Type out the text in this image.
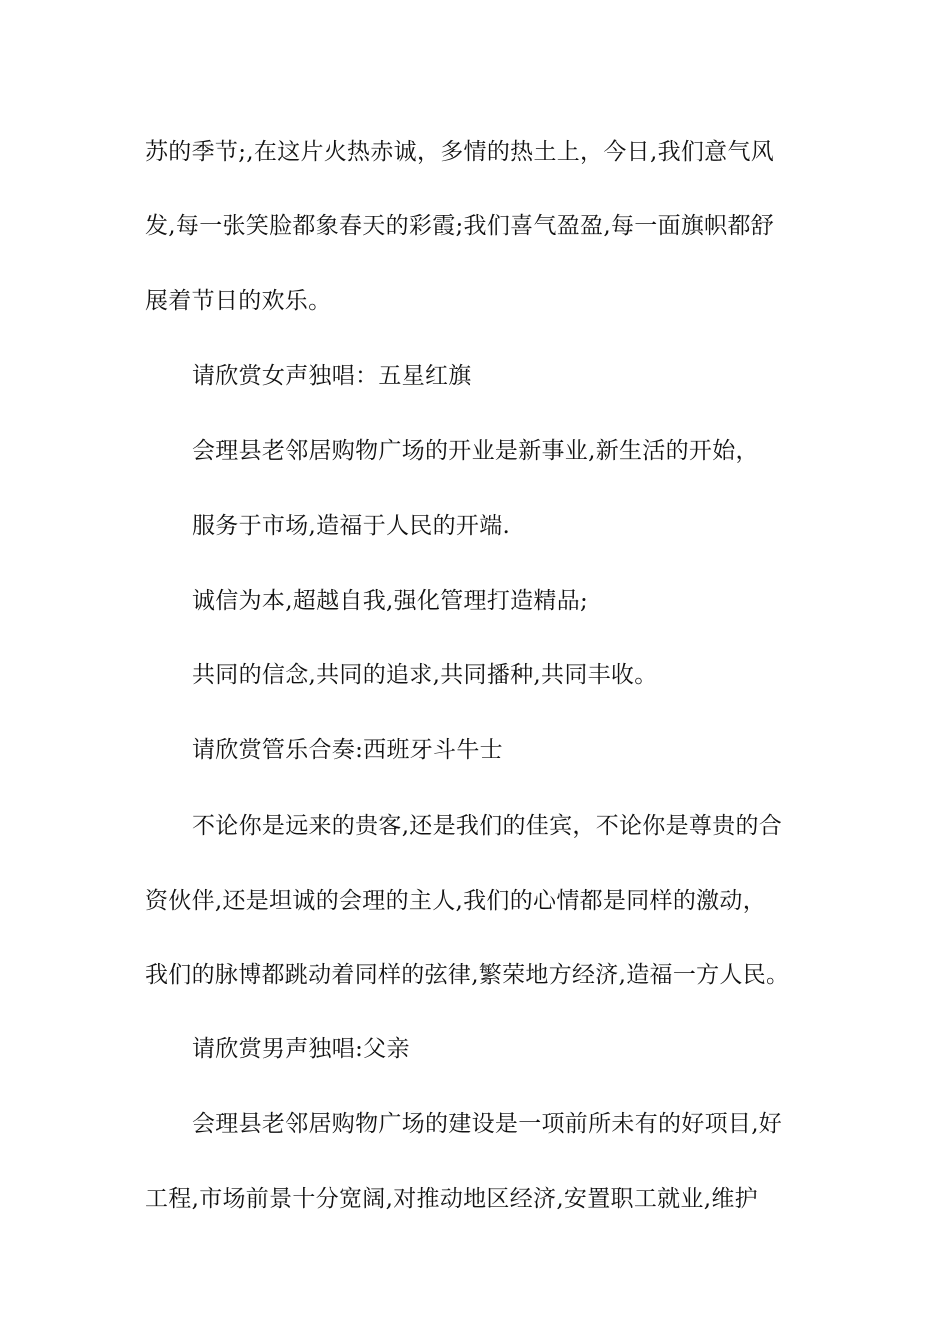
苏的季节;,在这片火热赤诚，多情的热土上，今日,我们意气风
发,每一张笑脸都象春天的彩霞;我们喜气盈盈,每一面旗帜都舒
展着节日的欢乐。
请欣赏女声独唱：五星红旗
会理县老邻居购物广场的开业是新事业,新生活的开始，
服务于市场,造福于人民的开端.
诚信为本,超越自我,强化管理打造精品;
共同的信念,共同的追求,共同播种,共同丰收。
请欣赏管乐合奏:西班牙斗牛士
不论你是远来的贵客,还是我们的佳宾，不论你是尊贵的合
资伙伴,还是坦诚的会理的主人,我们的心情都是同样的激动，
我们的脉博都跳动着同样的弦律,繁荣地方经济,造福一方人民。
请欣赏男声独唱:父亲
会理县老邻居购物广场的建设是一项前所未有的好项目,好
工程,市场前景十分宽阔,对推动地区经济,安置职工就业,维护
